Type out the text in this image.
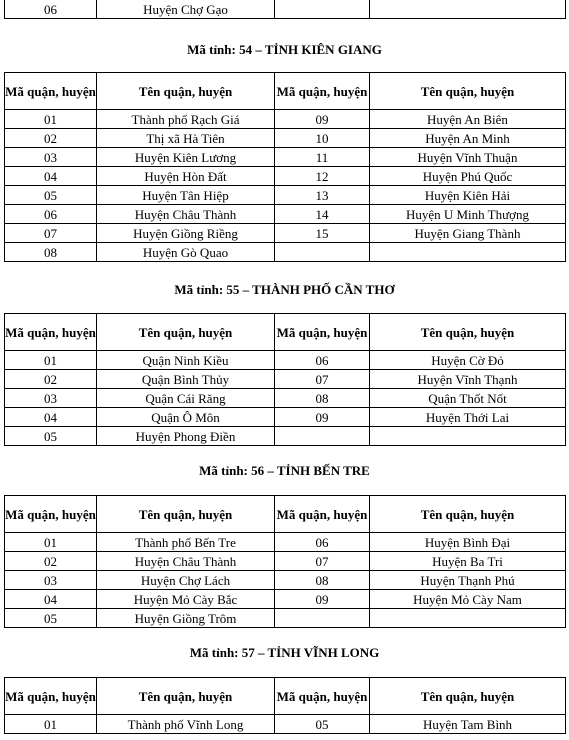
06	Huyện Chợ Gạo		
Mã tỉnh: 54 – TỈNH KIÊN GIANG
Mã quận, huyện	Tên quận, huyện	Mã quận, huyện	Tên quận, huyện
01	Thành phố Rạch Giá	09	Huyện An Biên
02	Thị xã Hà Tiên	10	Huyện An Minh
03	Huyện Kiên Lương	11	Huyện Vĩnh Thuận
04	Huyện Hòn Đất	12	Huyện Phú Quốc
05	Huyện Tân Hiệp	13	Huyện Kiên Hải
06	Huyện Châu Thành	14	Huyện U Minh Thượng
07	Huyện Giồng Riềng	15	Huyện Giang Thành
08	Huyện Gò Quao		
Mã tỉnh: 55 – THÀNH PHỐ CẦN THƠ
Mã quận, huyện	Tên quận, huyện	Mã quận, huyện	Tên quận, huyện
01	Quận Ninh Kiều	06	Huyện Cờ Đỏ
02	Quận Bình Thủy	07	Huyện Vĩnh Thạnh
03	Quận Cái Răng	08	Quận Thốt Nốt
04	Quận Ô Môn	09	Huyện Thới Lai
05	Huyện Phong Điền		
Mã tỉnh: 56 – TỈNH BẾN TRE
Mã quận, huyện	Tên quận, huyện	Mã quận, huyện	Tên quận, huyện
01	Thành phố Bến Tre	06	Huyện Bình Đại
02	Huyện Châu Thành	07	Huyện Ba Tri
03	Huyện Chợ Lách	08	Huyện Thạnh Phú
04	Huyện Mỏ Cày Bắc	09	Huyện Mỏ Cày Nam
05	Huyện Giồng Trôm		
Mã tỉnh: 57 – TỈNH VĨNH LONG
Mã quận, huyện	Tên quận, huyện	Mã quận, huyện	Tên quận, huyện
01	Thành phố Vĩnh Long	05	Huyện Tam Bình
